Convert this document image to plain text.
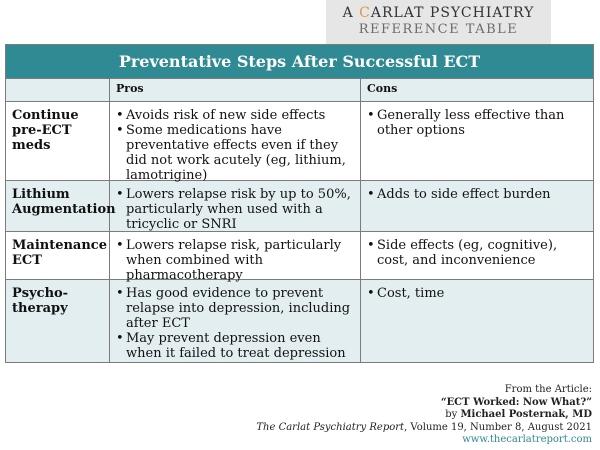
A CARLAT PSYCHIATRY
REFERENCE TABLE
Preventative Steps After Successful ECT
Pros	Cons
Continue pre-ECT meds
• Avoids risk of new side effects
• Some medications have preventative effects even if they did not work acutely (eg, lithium, lamotrigine)
• Generally less effective than other options
Lithium Augmentation
• Lowers relapse risk by up to 50%, particularly when used with a tricyclic or SNRI
• Adds to side effect burden
Maintenance ECT
• Lowers relapse risk, particularly when combined with pharmacotherapy
• Side effects (eg, cognitive), cost, and inconvenience
Psycho-therapy
• Has good evidence to prevent relapse into depression, including after ECT
• May prevent depression even when it failed to treat depression
• Cost, time
From the Article:
“ECT Worked: Now What?”
by Michael Posternak, MD
The Carlat Psychiatry Report, Volume 19, Number 8, August 2021
www.thecarlatreport.com
